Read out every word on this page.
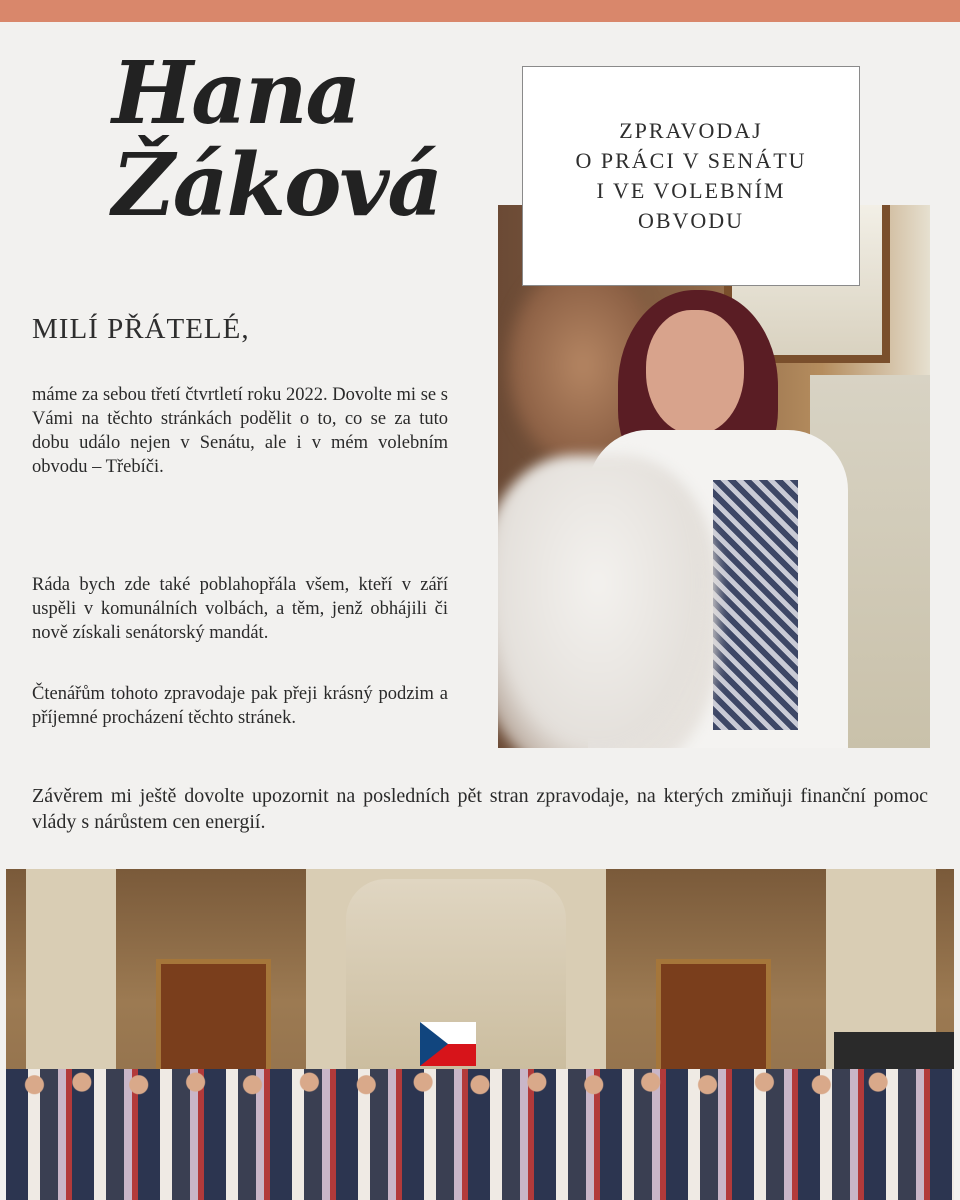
Hana
Žáková
ZPRAVODAJ
O PRÁCI V SENÁTU
I VE VOLEBNÍM
OBVODU
MILÍ PŘÁTELÉ,

máme za sebou třetí čtvrtletí roku 2022. Dovolte mi se s Vámi na těchto stránkách podělit o to, co se za tuto dobu událo nejen v Senátu, ale i v mém volebním obvodu – Třebíči.

Ráda bych zde také poblahopřála všem, kteří v září uspěli v komunálních volbách, a těm, jenž obhájili či nově získali senátorský mandát.

Čtenářům tohoto zpravodaje pak přeji krásný podzim a příjemné procházení těchto stránek.

Závěrem mi ještě dovolte upozornit na posledních pět stran zpravodaje, na kterých zmiňuji finanční pomoc vlády s nárůstem cen energií.
